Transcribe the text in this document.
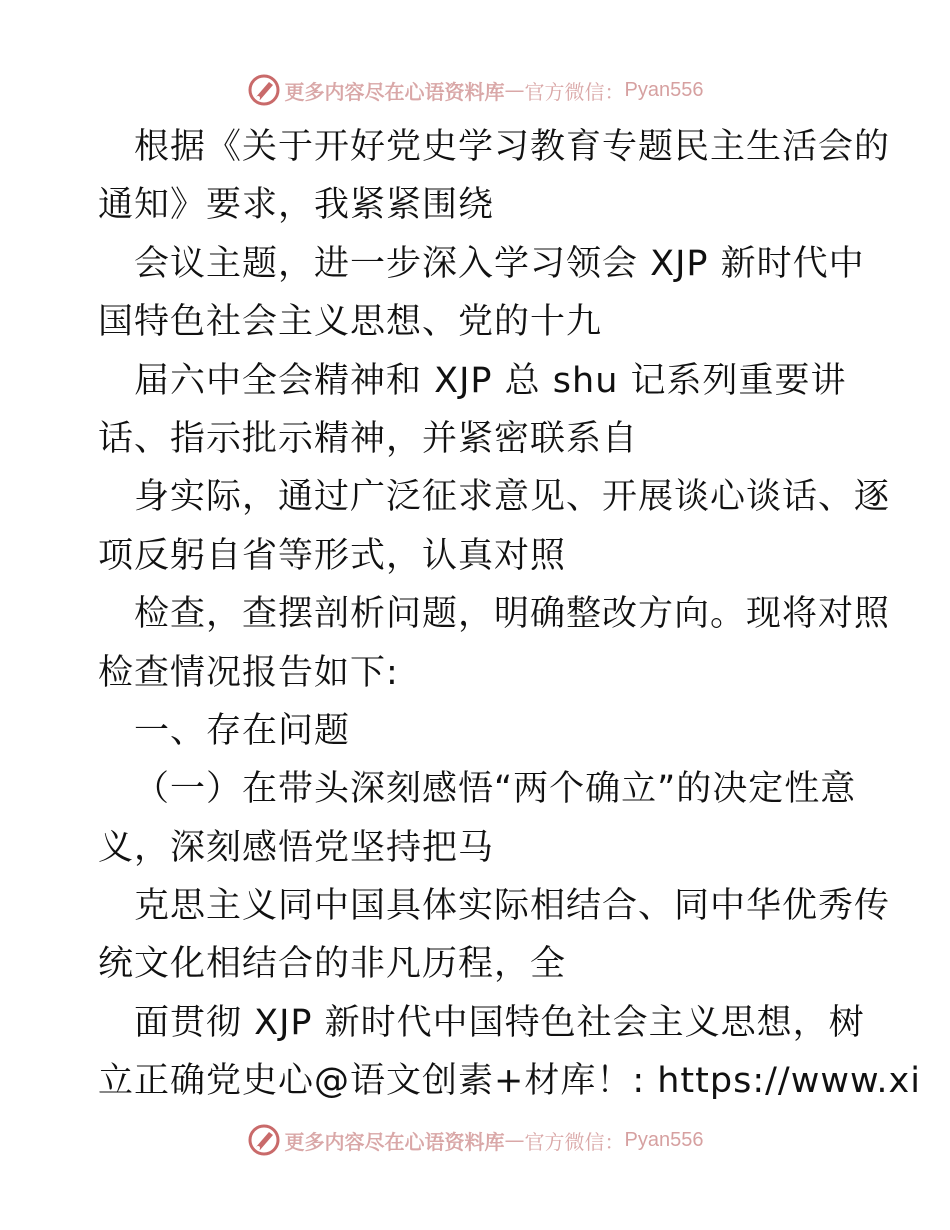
更多内容尽在心语资料库 — 官方微信： Pyan556
根据《关于开好党史学习教育专题民主生活会的
通知》要求，我紧紧围绕
会议主题，进一步深入学习领会 XJP 新时代中
国特色社会主义思想、党的十九
届六中全会精神和 XJP 总 shu 记系列重要讲
话、指示批示精神，并紧密联系自
身实际，通过广泛征求意见、开展谈心谈话、逐
项反躬自省等形式，认真对照
检查，查摆剖析问题，明确整改方向。现将对照
检查情况报告如下:
一、存在问题
（一）在带头深刻感悟“两个确立”的决定性意
义，深刻感悟党坚持把马
克思主义同中国具体实际相结合、同中华优秀传
统文化相结合的非凡历程，全
面贯彻 XJP 新时代中国特色社会主义思想，树
立正确党史心@语文创素+材库！: https://www.xi
更多内容尽在心语资料库 — 官方微信： Pyan556
